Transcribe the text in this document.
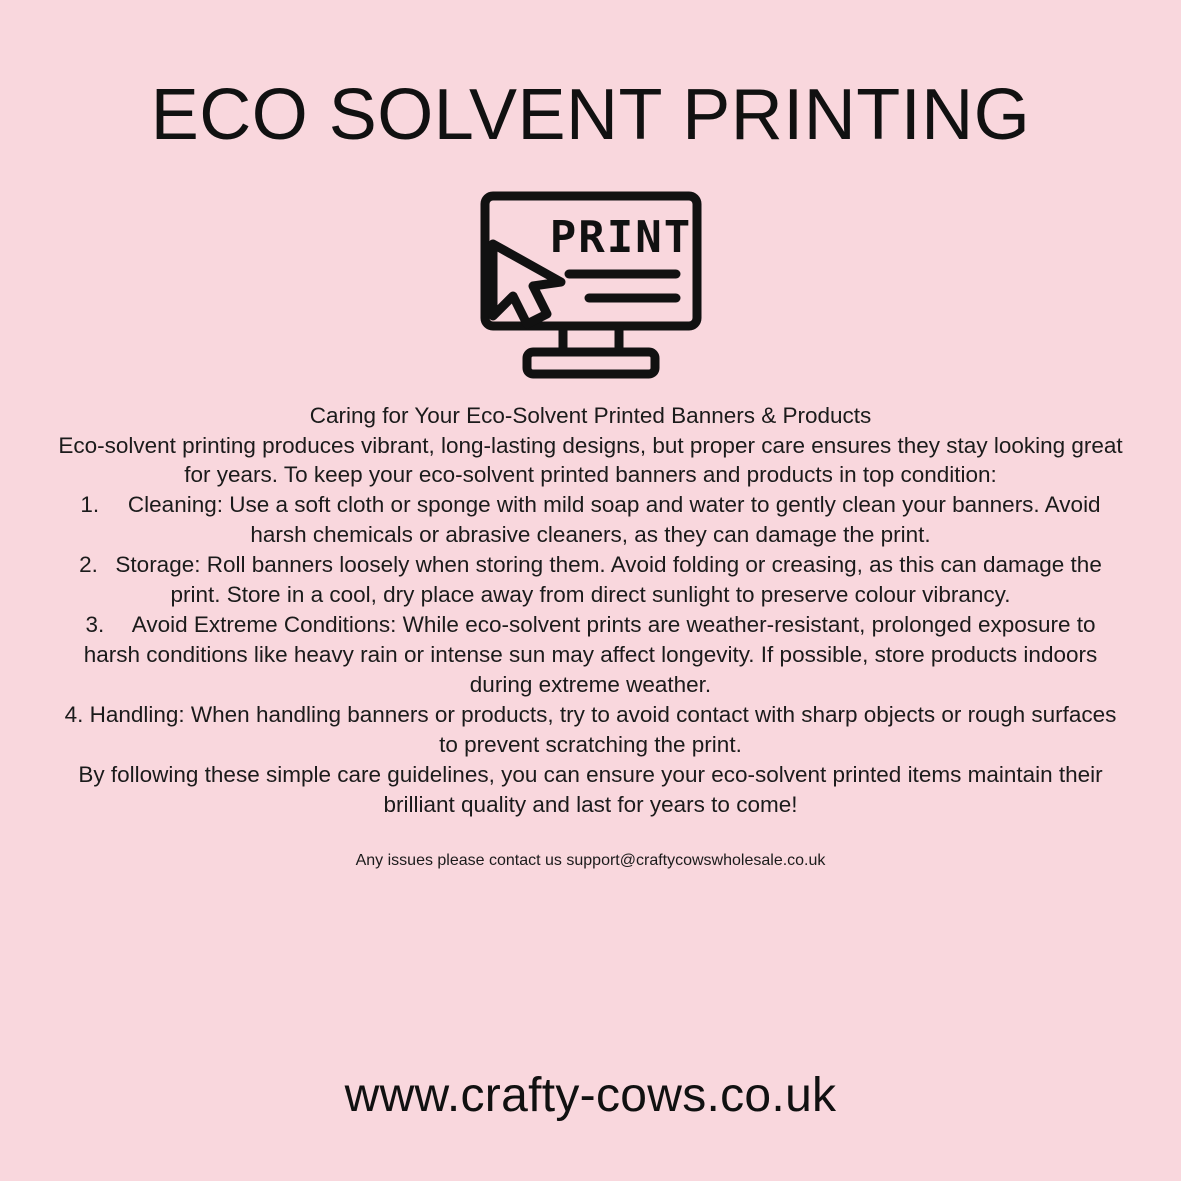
ECO SOLVENT PRINTING
PRINT

Caring for Your Eco-Solvent Printed Banners & Products

Eco-solvent printing produces vibrant, long-lasting designs, but proper care ensures they stay looking great for years. To keep your eco-solvent printed banners and products in top condition:

1.  Cleaning: Use a soft cloth or sponge with mild soap and water to gently clean your banners. Avoid harsh chemicals or abrasive cleaners, as they can damage the print.

2.  Storage: Roll banners loosely when storing them. Avoid folding or creasing, as this can damage the print. Store in a cool, dry place away from direct sunlight to preserve colour vibrancy.

3.  Avoid Extreme Conditions: While eco-solvent prints are weather-resistant, prolonged exposure to harsh conditions like heavy rain or intense sun may affect longevity. If possible, store products indoors during extreme weather.

4. Handling: When handling banners or products, try to avoid contact with sharp objects or rough surfaces to prevent scratching the print.

By following these simple care guidelines, you can ensure your eco-solvent printed items maintain their brilliant quality and last for years to come!

Any issues please contact us support@craftycowswholesale.co.uk
www.crafty-cows.co.uk
